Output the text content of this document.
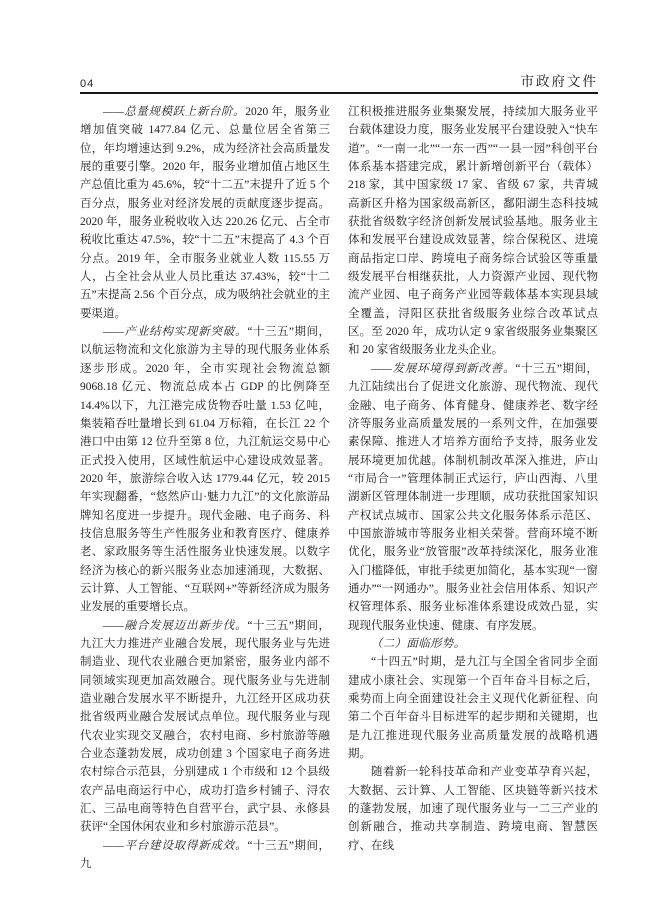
04	市政府文件

——总量规模跃上新台阶。2020 年，服务业增加值突破 1477.84 亿元、总量位居全省第三位，年均增速达到 9.2%，成为经济社会高质量发展的重要引擎。2020 年，服务业增加值占地区生产总值比重为 45.6%，较“十二五”末提升了近 5 个百分点，服务业对经济发展的贡献度逐步提高。2020 年，服务业税收收入达 220.26 亿元、占全市税收比重达 47.5%，较“十二五”末提高了 4.3 个百分点。2019 年，全市服务业就业人数 115.55 万人，占全社会从业人员比重达 37.43%，较“十二五”末提高 2.56 个百分点，成为吸纳社会就业的主要渠道。

——产业结构实现新突破。“十三五”期间，以航运物流和文化旅游为主导的现代服务业体系逐步形成。2020 年，全市实现社会物流总额 9068.18 亿元、物流总成本占 GDP 的比例降至 14.4%以下，九江港完成货物吞吐量 1.53 亿吨，集装箱吞吐量增长到 61.04 万标箱，在长江 22 个港口中由第 12 位升至第 8 位，九江航运交易中心正式投入使用，区域性航运中心建设成效显著。2020 年，旅游综合收入达 1779.44 亿元，较 2015 年实现翻番，“悠然庐山·魅力九江”的文化旅游品牌知名度进一步提升。现代金融、电子商务、科技信息服务等生产性服务业和教育医疗、健康养老、家政服务等生活性服务业快速发展。以数字经济为核心的新兴服务业态加速涌现，大数据、云计算、人工智能、“互联网+”等新经济成为服务业发展的重要增长点。

——融合发展迈出新步伐。“十三五”期间，九江大力推进产业融合发展，现代服务业与先进制造业、现代农业融合更加紧密，服务业内部不同领域实现更加高效融合。现代服务业与先进制造业融合发展水平不断提升，九江经开区成功获批省级两业融合发展试点单位。现代服务业与现代农业实现交叉融合，农村电商、乡村旅游等融合业态蓬勃发展，成功创建 3 个国家电子商务进农村综合示范县，分别建成 1 个市级和 12 个县级农产品电商运行中心，成功打造乡村铺子、浔农汇、三品电商等特色自营平台，武宁县、永修县获评“全国休闲农业和乡村旅游示范县”。

——平台建设取得新成效。“十三五”期间，九

江积极推进服务业集聚发展，持续加大服务业平台载体建设力度，服务业发展平台建设驶入“快车道”。“一南一北”“一东一西”“一县一园”科创平台体系基本搭建完成，累计新增创新平台（载体）218 家，其中国家级 17 家、省级 67 家，共青城高新区升格为国家级高新区，鄱阳湖生态科技城获批省级数字经济创新发展试验基地。服务业主体和发展平台建设成效显著，综合保税区、进境商品指定口岸、跨境电子商务综合试验区等重量级发展平台相继获批，人力资源产业园、现代物流产业园、电子商务产业园等载体基本实现县域全覆盖，浔阳区获批省级服务业综合改革试点区。至 2020 年，成功认定 9 家省级服务业集聚区和 20 家省级服务业龙头企业。

——发展环境得到新改善。“十三五”期间，九江陆续出台了促进文化旅游、现代物流、现代金融、电子商务、体育健身、健康养老、数字经济等服务业高质量发展的一系列文件，在加强要素保障、推进人才培养方面给予支持，服务业发展环境更加优越。体制机制改革深入推进，庐山“市局合一”管理体制正式运行，庐山西海、八里湖新区管理体制进一步理顺，成功获批国家知识产权试点城市、国家公共文化服务体系示范区、中国旅游城市等服务业相关荣誉。营商环境不断优化，服务业“放管服”改革持续深化，服务业准入门槛降低，审批手续更加简化，基本实现“一窗通办”“一网通办”。服务业社会信用体系、知识产权管理体系、服务业标准体系建设成效凸显，实现现代服务业快速、健康、有序发展。

（二）面临形势。

“十四五”时期，是九江与全国全省同步全面建成小康社会、实现第一个百年奋斗目标之后，乘势而上向全面建设社会主义现代化新征程、向第二个百年奋斗目标进军的起步期和关键期，也是九江推进现代服务业高质量发展的战略机遇期。

随着新一轮科技革命和产业变革孕育兴起，大数据、云计算、人工智能、区块链等新兴技术的蓬勃发展，加速了现代服务业与一二三产业的创新融合，推动共享制造、跨境电商、智慧医疗、在线
